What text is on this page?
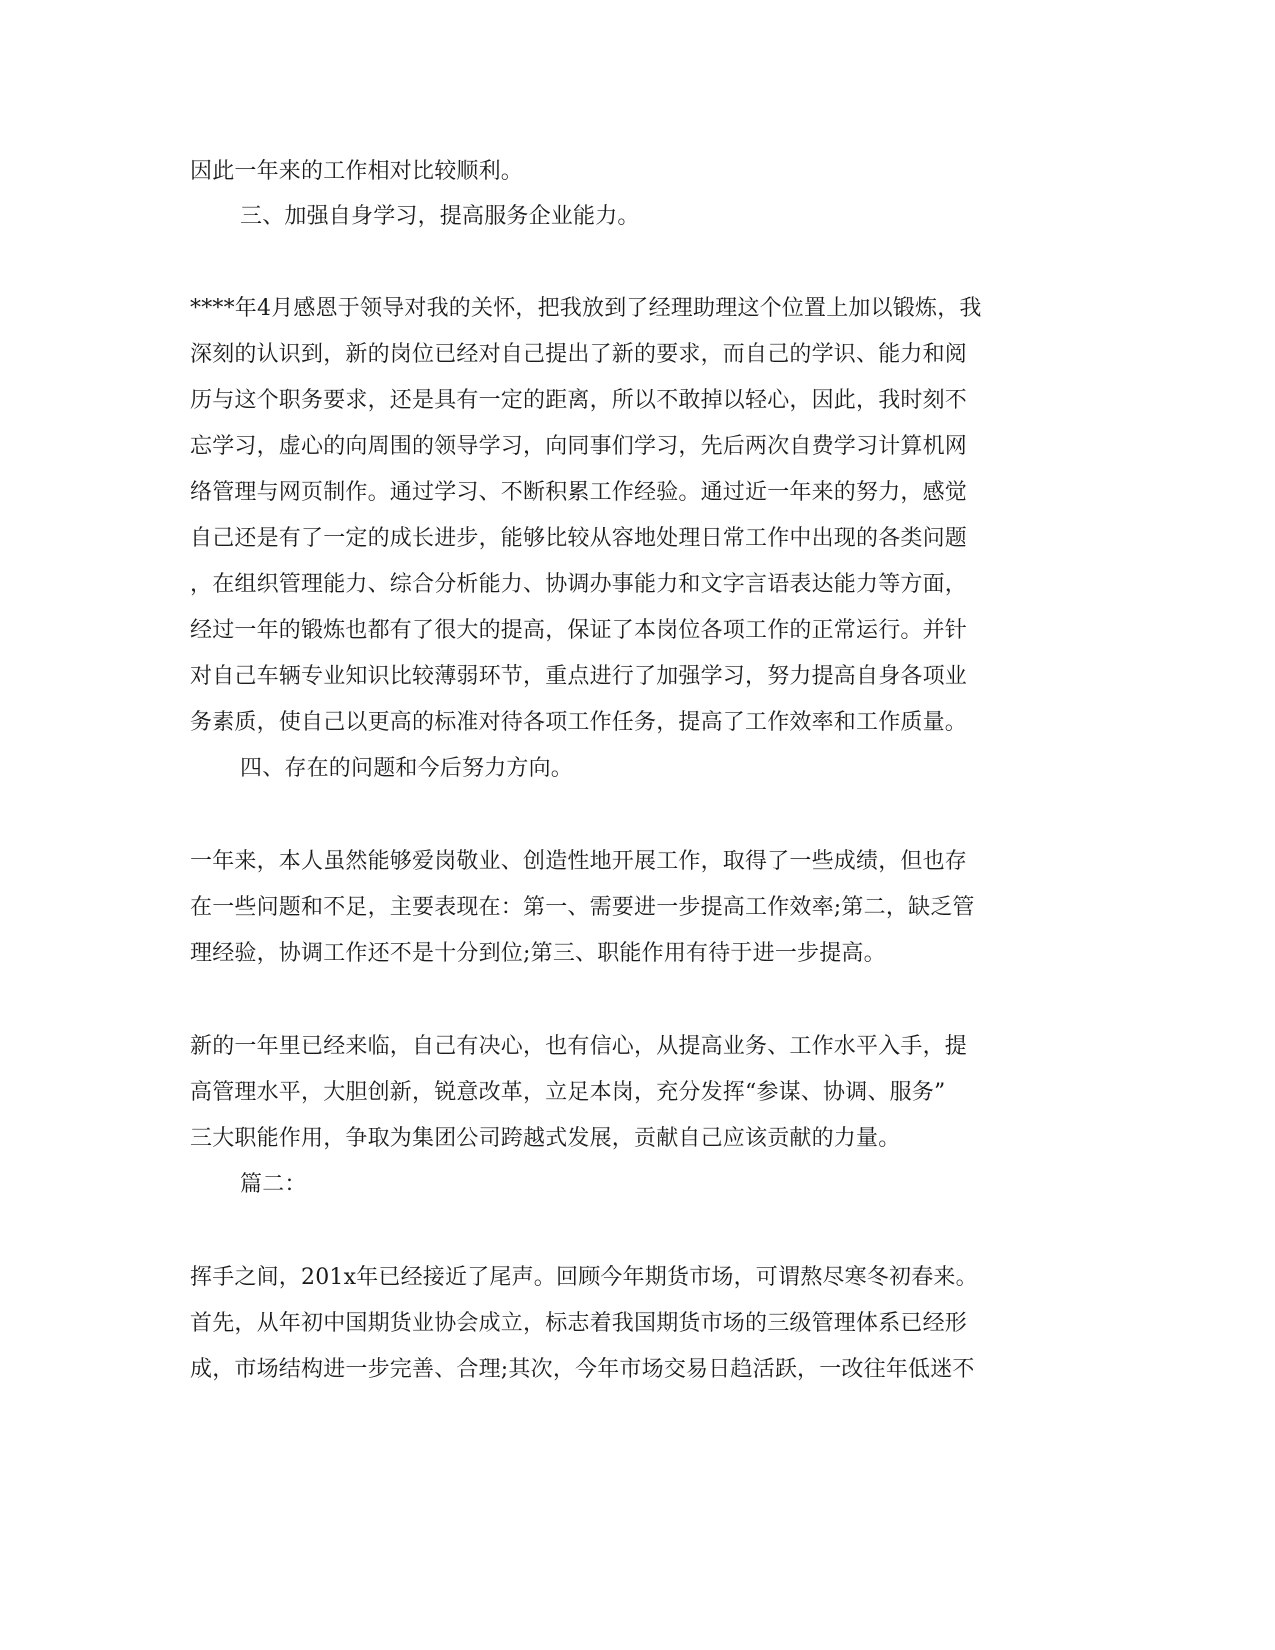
因此一年来的工作相对比较顺利。
三、加强自身学习，提高服务企业能力。
****年4月感恩于领导对我的关怀，把我放到了经理助理这个位置上加以锻炼，我
深刻的认识到，新的岗位已经对自己提出了新的要求，而自己的学识、能力和阅
历与这个职务要求，还是具有一定的距离，所以不敢掉以轻心，因此，我时刻不
忘学习，虚心的向周围的领导学习，向同事们学习，先后两次自费学习计算机网
络管理与网页制作。通过学习、不断积累工作经验。通过近一年来的努力，感觉
自己还是有了一定的成长进步，能够比较从容地处理日常工作中出现的各类问题
，在组织管理能力、综合分析能力、协调办事能力和文字言语表达能力等方面，
经过一年的锻炼也都有了很大的提高，保证了本岗位各项工作的正常运行。并针
对自己车辆专业知识比较薄弱环节，重点进行了加强学习，努力提高自身各项业
务素质，使自己以更高的标准对待各项工作任务，提高了工作效率和工作质量。
四、存在的问题和今后努力方向。
一年来，本人虽然能够爱岗敬业、创造性地开展工作，取得了一些成绩，但也存
在一些问题和不足，主要表现在：第一、需要进一步提高工作效率;第二，缺乏管
理经验，协调工作还不是十分到位;第三、职能作用有待于进一步提高。
新的一年里已经来临，自己有决心，也有信心，从提高业务、工作水平入手，提
高管理水平，大胆创新，锐意改革，立足本岗，充分发挥“参谋、协调、服务”
三大职能作用，争取为集团公司跨越式发展，贡献自己应该贡献的力量。
篇二：
挥手之间，201x年已经接近了尾声。回顾今年期货市场，可谓熬尽寒冬初春来。
首先，从年初中国期货业协会成立，标志着我国期货市场的三级管理体系已经形
成，市场结构进一步完善、合理;其次，今年市场交易日趋活跃，一改往年低迷不
